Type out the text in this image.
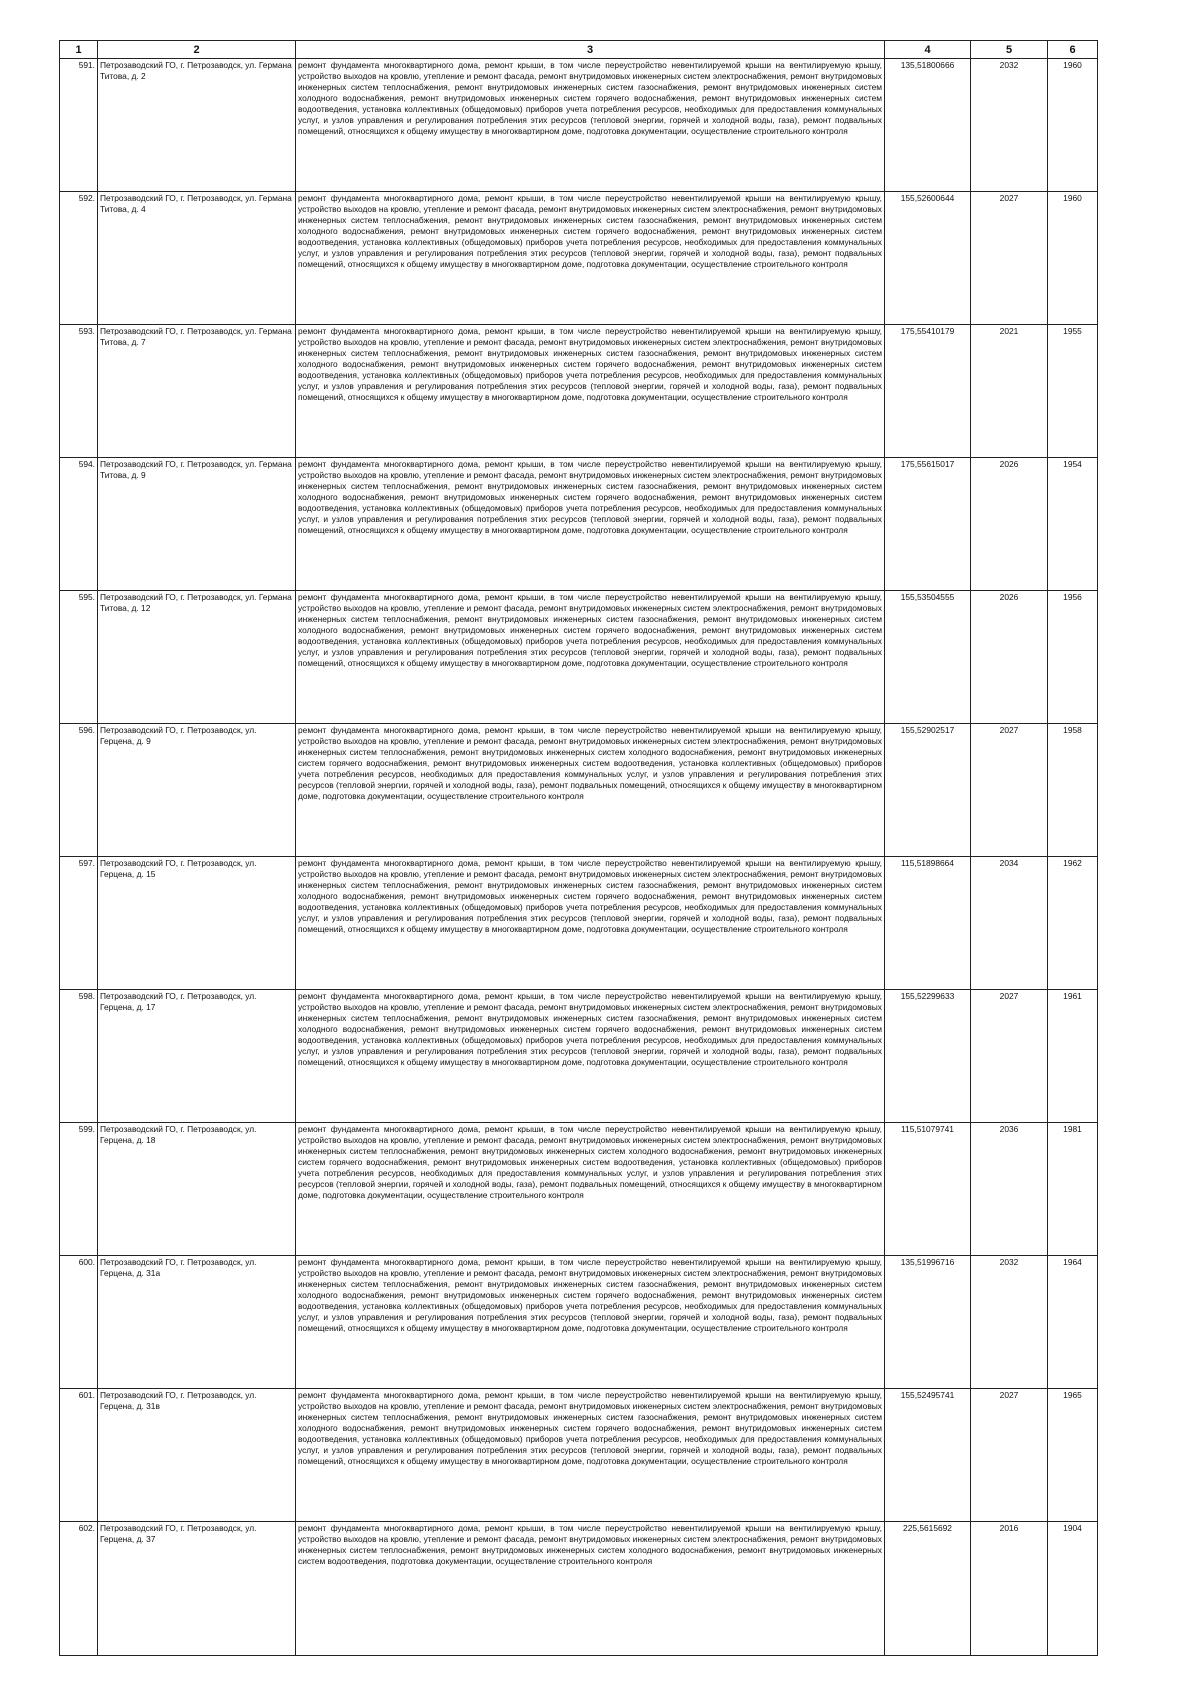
1	2	3	4	5	6
591.	Петрозаводский ГО, г. Петрозаводск, ул. Германа Титова, д. 2	ремонт фундамента многоквартирного дома, ремонт крыши, в том числе переустройство невентилируемой крыши на вентилируемую крышу, устройство выходов на кровлю, утепление и ремонт фасада, ремонт внутридомовых инженерных систем электроснабжения, ремонт внутридомовых инженерных систем теплоснабжения, ремонт внутридомовых инженерных систем газоснабжения, ремонт внутридомовых инженерных систем холодного водоснабжения, ремонт внутридомовых инженерных систем горячего водоснабжения, ремонт внутридомовых инженерных систем водоотведения, установка коллективных (общедомовых) приборов учета потребления ресурсов, необходимых для предоставления коммунальных услуг, и узлов управления и регулирования потребления этих ресурсов (тепловой энергии, горячей и холодной воды, газа), ремонт подвальных помещений, относящихся к общему имуществу в многоквартирном доме, подготовка документации, осуществление строительного контроля	135,51800666	2032	1960
592.	Петрозаводский ГО, г. Петрозаводск, ул. Германа Титова, д. 4	ремонт фундамента многоквартирного дома, ремонт крыши, в том числе переустройство невентилируемой крыши на вентилируемую крышу, устройство выходов на кровлю, утепление и ремонт фасада, ремонт внутридомовых инженерных систем электроснабжения, ремонт внутридомовых инженерных систем теплоснабжения, ремонт внутридомовых инженерных систем газоснабжения, ремонт внутридомовых инженерных систем холодного водоснабжения, ремонт внутридомовых инженерных систем горячего водоснабжения, ремонт внутридомовых инженерных систем водоотведения, установка коллективных (общедомовых) приборов учета потребления ресурсов, необходимых для предоставления коммунальных услуг, и узлов управления и регулирования потребления этих ресурсов (тепловой энергии, горячей и холодной воды, газа), ремонт подвальных помещений, относящихся к общему имуществу в многоквартирном доме, подготовка документации, осуществление строительного контроля	155,52600644	2027	1960
593.	Петрозаводский ГО, г. Петрозаводск, ул. Германа Титова, д. 7	ремонт фундамента многоквартирного дома, ремонт крыши, в том числе переустройство невентилируемой крыши на вентилируемую крышу, устройство выходов на кровлю, утепление и ремонт фасада, ремонт внутридомовых инженерных систем электроснабжения, ремонт внутридомовых инженерных систем теплоснабжения, ремонт внутридомовых инженерных систем газоснабжения, ремонт внутридомовых инженерных систем холодного водоснабжения, ремонт внутридомовых инженерных систем горячего водоснабжения, ремонт внутридомовых инженерных систем водоотведения, установка коллективных (общедомовых) приборов учета потребления ресурсов, необходимых для предоставления коммунальных услуг, и узлов управления и регулирования потребления этих ресурсов (тепловой энергии, горячей и холодной воды, газа), ремонт подвальных помещений, относящихся к общему имуществу в многоквартирном доме, подготовка документации, осуществление строительного контроля	175,55410179	2021	1955
594.	Петрозаводский ГО, г. Петрозаводск, ул. Германа Титова, д. 9	ремонт фундамента многоквартирного дома, ремонт крыши, в том числе переустройство невентилируемой крыши на вентилируемую крышу, устройство выходов на кровлю, утепление и ремонт фасада, ремонт внутридомовых инженерных систем электроснабжения, ремонт внутридомовых инженерных систем теплоснабжения, ремонт внутридомовых инженерных систем газоснабжения, ремонт внутридомовых инженерных систем холодного водоснабжения, ремонт внутридомовых инженерных систем горячего водоснабжения, ремонт внутридомовых инженерных систем водоотведения, установка коллективных (общедомовых) приборов учета потребления ресурсов, необходимых для предоставления коммунальных услуг, и узлов управления и регулирования потребления этих ресурсов (тепловой энергии, горячей и холодной воды, газа), ремонт подвальных помещений, относящихся к общему имуществу в многоквартирном доме, подготовка документации, осуществление строительного контроля	175,55615017	2026	1954
595.	Петрозаводский ГО, г. Петрозаводск, ул. Германа Титова, д. 12	ремонт фундамента многоквартирного дома, ремонт крыши, в том числе переустройство невентилируемой крыши на вентилируемую крышу, устройство выходов на кровлю, утепление и ремонт фасада, ремонт внутридомовых инженерных систем электроснабжения, ремонт внутридомовых инженерных систем теплоснабжения, ремонт внутридомовых инженерных систем газоснабжения, ремонт внутридомовых инженерных систем холодного водоснабжения, ремонт внутридомовых инженерных систем горячего водоснабжения, ремонт внутридомовых инженерных систем водоотведения, установка коллективных (общедомовых) приборов учета потребления ресурсов, необходимых для предоставления коммунальных услуг, и узлов управления и регулирования потребления этих ресурсов (тепловой энергии, горячей и холодной воды, газа), ремонт подвальных помещений, относящихся к общему имуществу в многоквартирном доме, подготовка документации, осуществление строительного контроля	155,53504555	2026	1956
596.	Петрозаводский ГО, г. Петрозаводск, ул. Герцена, д. 9	ремонт фундамента многоквартирного дома, ремонт крыши, в том числе переустройство невентилируемой крыши на вентилируемую крышу, устройство выходов на кровлю, утепление и ремонт фасада, ремонт внутридомовых инженерных систем электроснабжения, ремонт внутридомовых инженерных систем теплоснабжения, ремонт внутридомовых инженерных систем холодного водоснабжения, ремонт внутридомовых инженерных систем горячего водоснабжения, ремонт внутридомовых инженерных систем водоотведения, установка коллективных (общедомовых) приборов учета потребления ресурсов, необходимых для предоставления коммунальных услуг, и узлов управления и регулирования потребления этих ресурсов (тепловой энергии, горячей и холодной воды, газа), ремонт подвальных помещений, относящихся к общему имуществу в многоквартирном доме, подготовка документации, осуществление строительного контроля	155,52902517	2027	1958
597.	Петрозаводский ГО, г. Петрозаводск, ул. Герцена, д. 15	ремонт фундамента многоквартирного дома, ремонт крыши, в том числе переустройство невентилируемой крыши на вентилируемую крышу, устройство выходов на кровлю, утепление и ремонт фасада, ремонт внутридомовых инженерных систем электроснабжения, ремонт внутридомовых инженерных систем теплоснабжения, ремонт внутридомовых инженерных систем газоснабжения, ремонт внутридомовых инженерных систем холодного водоснабжения, ремонт внутридомовых инженерных систем горячего водоснабжения, ремонт внутридомовых инженерных систем водоотведения, установка коллективных (общедомовых) приборов учета потребления ресурсов, необходимых для предоставления коммунальных услуг, и узлов управления и регулирования потребления этих ресурсов (тепловой энергии, горячей и холодной воды, газа), ремонт подвальных помещений, относящихся к общему имуществу в многоквартирном доме, подготовка документации, осуществление строительного контроля	115,51898664	2034	1962
598.	Петрозаводский ГО, г. Петрозаводск, ул. Герцена, д. 17	ремонт фундамента многоквартирного дома, ремонт крыши, в том числе переустройство невентилируемой крыши на вентилируемую крышу, устройство выходов на кровлю, утепление и ремонт фасада, ремонт внутридомовых инженерных систем электроснабжения, ремонт внутридомовых инженерных систем теплоснабжения, ремонт внутридомовых инженерных систем газоснабжения, ремонт внутридомовых инженерных систем холодного водоснабжения, ремонт внутридомовых инженерных систем горячего водоснабжения, ремонт внутридомовых инженерных систем водоотведения, установка коллективных (общедомовых) приборов учета потребления ресурсов, необходимых для предоставления коммунальных услуг, и узлов управления и регулирования потребления этих ресурсов (тепловой энергии, горячей и холодной воды, газа), ремонт подвальных помещений, относящихся к общему имуществу в многоквартирном доме, подготовка документации, осуществление строительного контроля	155,52299633	2027	1961
599.	Петрозаводский ГО, г. Петрозаводск, ул. Герцена, д. 18	ремонт фундамента многоквартирного дома, ремонт крыши, в том числе переустройство невентилируемой крыши на вентилируемую крышу, устройство выходов на кровлю, утепление и ремонт фасада, ремонт внутридомовых инженерных систем электроснабжения, ремонт внутридомовых инженерных систем теплоснабжения, ремонт внутридомовых инженерных систем холодного водоснабжения, ремонт внутридомовых инженерных систем горячего водоснабжения, ремонт внутридомовых инженерных систем водоотведения, установка коллективных (общедомовых) приборов учета потребления ресурсов, необходимых для предоставления коммунальных услуг, и узлов управления и регулирования потребления этих ресурсов (тепловой энергии, горячей и холодной воды, газа), ремонт подвальных помещений, относящихся к общему имуществу в многоквартирном доме, подготовка документации, осуществление строительного контроля	115,51079741	2036	1981
600.	Петрозаводский ГО, г. Петрозаводск, ул. Герцена, д. 31а	ремонт фундамента многоквартирного дома, ремонт крыши, в том числе переустройство невентилируемой крыши на вентилируемую крышу, устройство выходов на кровлю, утепление и ремонт фасада, ремонт внутридомовых инженерных систем электроснабжения, ремонт внутридомовых инженерных систем теплоснабжения, ремонт внутридомовых инженерных систем газоснабжения, ремонт внутридомовых инженерных систем холодного водоснабжения, ремонт внутридомовых инженерных систем горячего водоснабжения, ремонт внутридомовых инженерных систем водоотведения, установка коллективных (общедомовых) приборов учета потребления ресурсов, необходимых для предоставления коммунальных услуг, и узлов управления и регулирования потребления этих ресурсов (тепловой энергии, горячей и холодной воды, газа), ремонт подвальных помещений, относящихся к общему имуществу в многоквартирном доме, подготовка документации, осуществление строительного контроля	135,51996716	2032	1964
601.	Петрозаводский ГО, г. Петрозаводск, ул. Герцена, д. 31в	ремонт фундамента многоквартирного дома, ремонт крыши, в том числе переустройство невентилируемой крыши на вентилируемую крышу, устройство выходов на кровлю, утепление и ремонт фасада, ремонт внутридомовых инженерных систем электроснабжения, ремонт внутридомовых инженерных систем теплоснабжения, ремонт внутридомовых инженерных систем газоснабжения, ремонт внутридомовых инженерных систем холодного водоснабжения, ремонт внутридомовых инженерных систем горячего водоснабжения, ремонт внутридомовых инженерных систем водоотведения, установка коллективных (общедомовых) приборов учета потребления ресурсов, необходимых для предоставления коммунальных услуг, и узлов управления и регулирования потребления этих ресурсов (тепловой энергии, горячей и холодной воды, газа), ремонт подвальных помещений, относящихся к общему имуществу в многоквартирном доме, подготовка документации, осуществление строительного контроля	155,52495741	2027	1965
602.	Петрозаводский ГО, г. Петрозаводск, ул. Герцена, д. 37	ремонт фундамента многоквартирного дома, ремонт крыши, в том числе переустройство невентилируемой крыши на вентилируемую крышу, устройство выходов на кровлю, утепление и ремонт фасада, ремонт внутридомовых инженерных систем электроснабжения, ремонт внутридомовых инженерных систем теплоснабжения, ремонт внутридомовых инженерных систем холодного водоснабжения, ремонт внутридомовых инженерных систем водоотведения, подготовка документации, осуществление строительного контроля	225,5615692	2016	1904
